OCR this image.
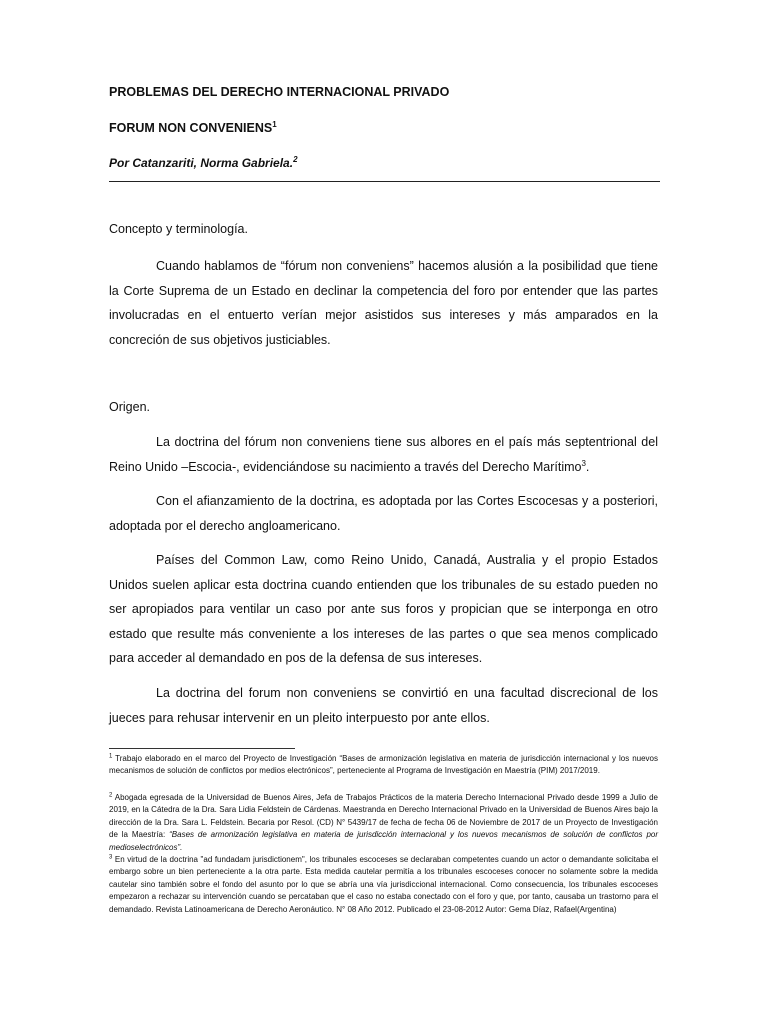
PROBLEMAS DEL DERECHO INTERNACIONAL PRIVADO
FORUM NON CONVENIENS$^1$
Por Catanzariti, Norma Gabriela.$^2$
Concepto y terminología.

Cuando hablamos de “fórum non conveniens” hacemos alusión a la posibilidad que tiene la Corte Suprema de un Estado en declinar la competencia del foro por entender que las partes involucradas en el entuerto verían mejor asistidos sus intereses y más amparados en la concreción de sus objetivos justiciables.

Origen.

La doctrina del fórum non conveniens tiene sus albores en el país más septentrional del Reino Unido –Escocia-, evidenciándose su nacimiento a través del Derecho Marítimo$^3$.

Con el afianzamiento de la doctrina, es adoptada por las Cortes Escocesas y a posteriori, adoptada por el derecho angloamericano.

Países del Common Law, como Reino Unido, Canadá, Australia y el propio Estados Unidos suelen aplicar esta doctrina cuando entienden que los tribunales de su estado pueden no ser apropiados para ventilar un caso por ante sus foros y propician que se interponga en otro estado que resulte más conveniente a los intereses de las partes o que sea menos complicado para acceder al demandado en pos de la defensa de sus intereses.

La doctrina del forum non conveniens se convirtió en una facultad discrecional de los jueces para rehusar intervenir en un pleito interpuesto por ante ellos.

$^1$ Trabajo elaborado en el marco del Proyecto de Investigación “Bases de armonización legislativa en materia de jurisdicción internacional y los nuevos mecanismos de solución de conflictos por medios electrónicos”, perteneciente al Programa de Investigación en Maestría (PIM) 2017/2019.

$^2$ Abogada egresada de la Universidad de Buenos Aires, Jefa de Trabajos Prácticos de la materia Derecho Internacional Privado desde 1999 a Julio de 2019, en la Cátedra de la Dra. Sara Lidia Feldstein de Cárdenas. Maestranda en Derecho Internacional Privado en la Universidad de Buenos Aires bajo la dirección de la Dra. Sara L. Feldstein. Becaria por Resol. (CD) N° 5439/17 de fecha de fecha 06 de Noviembre de 2017 de un Proyecto de Investigación de la Maestría: “Bases de armonización legislativa en materia de jurisdicción internacional y los nuevos mecanismos de solución de conflictos por medioselectrónicos”.

$^3$ En virtud de la doctrina "ad fundadam jurisdictionem", los tribunales escoceses se declaraban competentes cuando un actor o demandante solicitaba el embargo sobre un bien perteneciente a la otra parte. Esta medida cautelar permitía a los tribunales escoceses conocer no solamente sobre la medida cautelar sino también sobre el fondo del asunto por lo que se abría una vía jurisdiccional internacional. Como consecuencia, los tribunales escoceses empezaron a rechazar su intervención cuando se percataban que el caso no estaba conectado con el foro y que, por tanto, causaba un trastorno para el demandado. Revista Latinoamericana de Derecho Aeronáutico. N° 08 Año 2012. Publicado el 23-08-2012 Autor: Gema Díaz, Rafael(Argentina)
